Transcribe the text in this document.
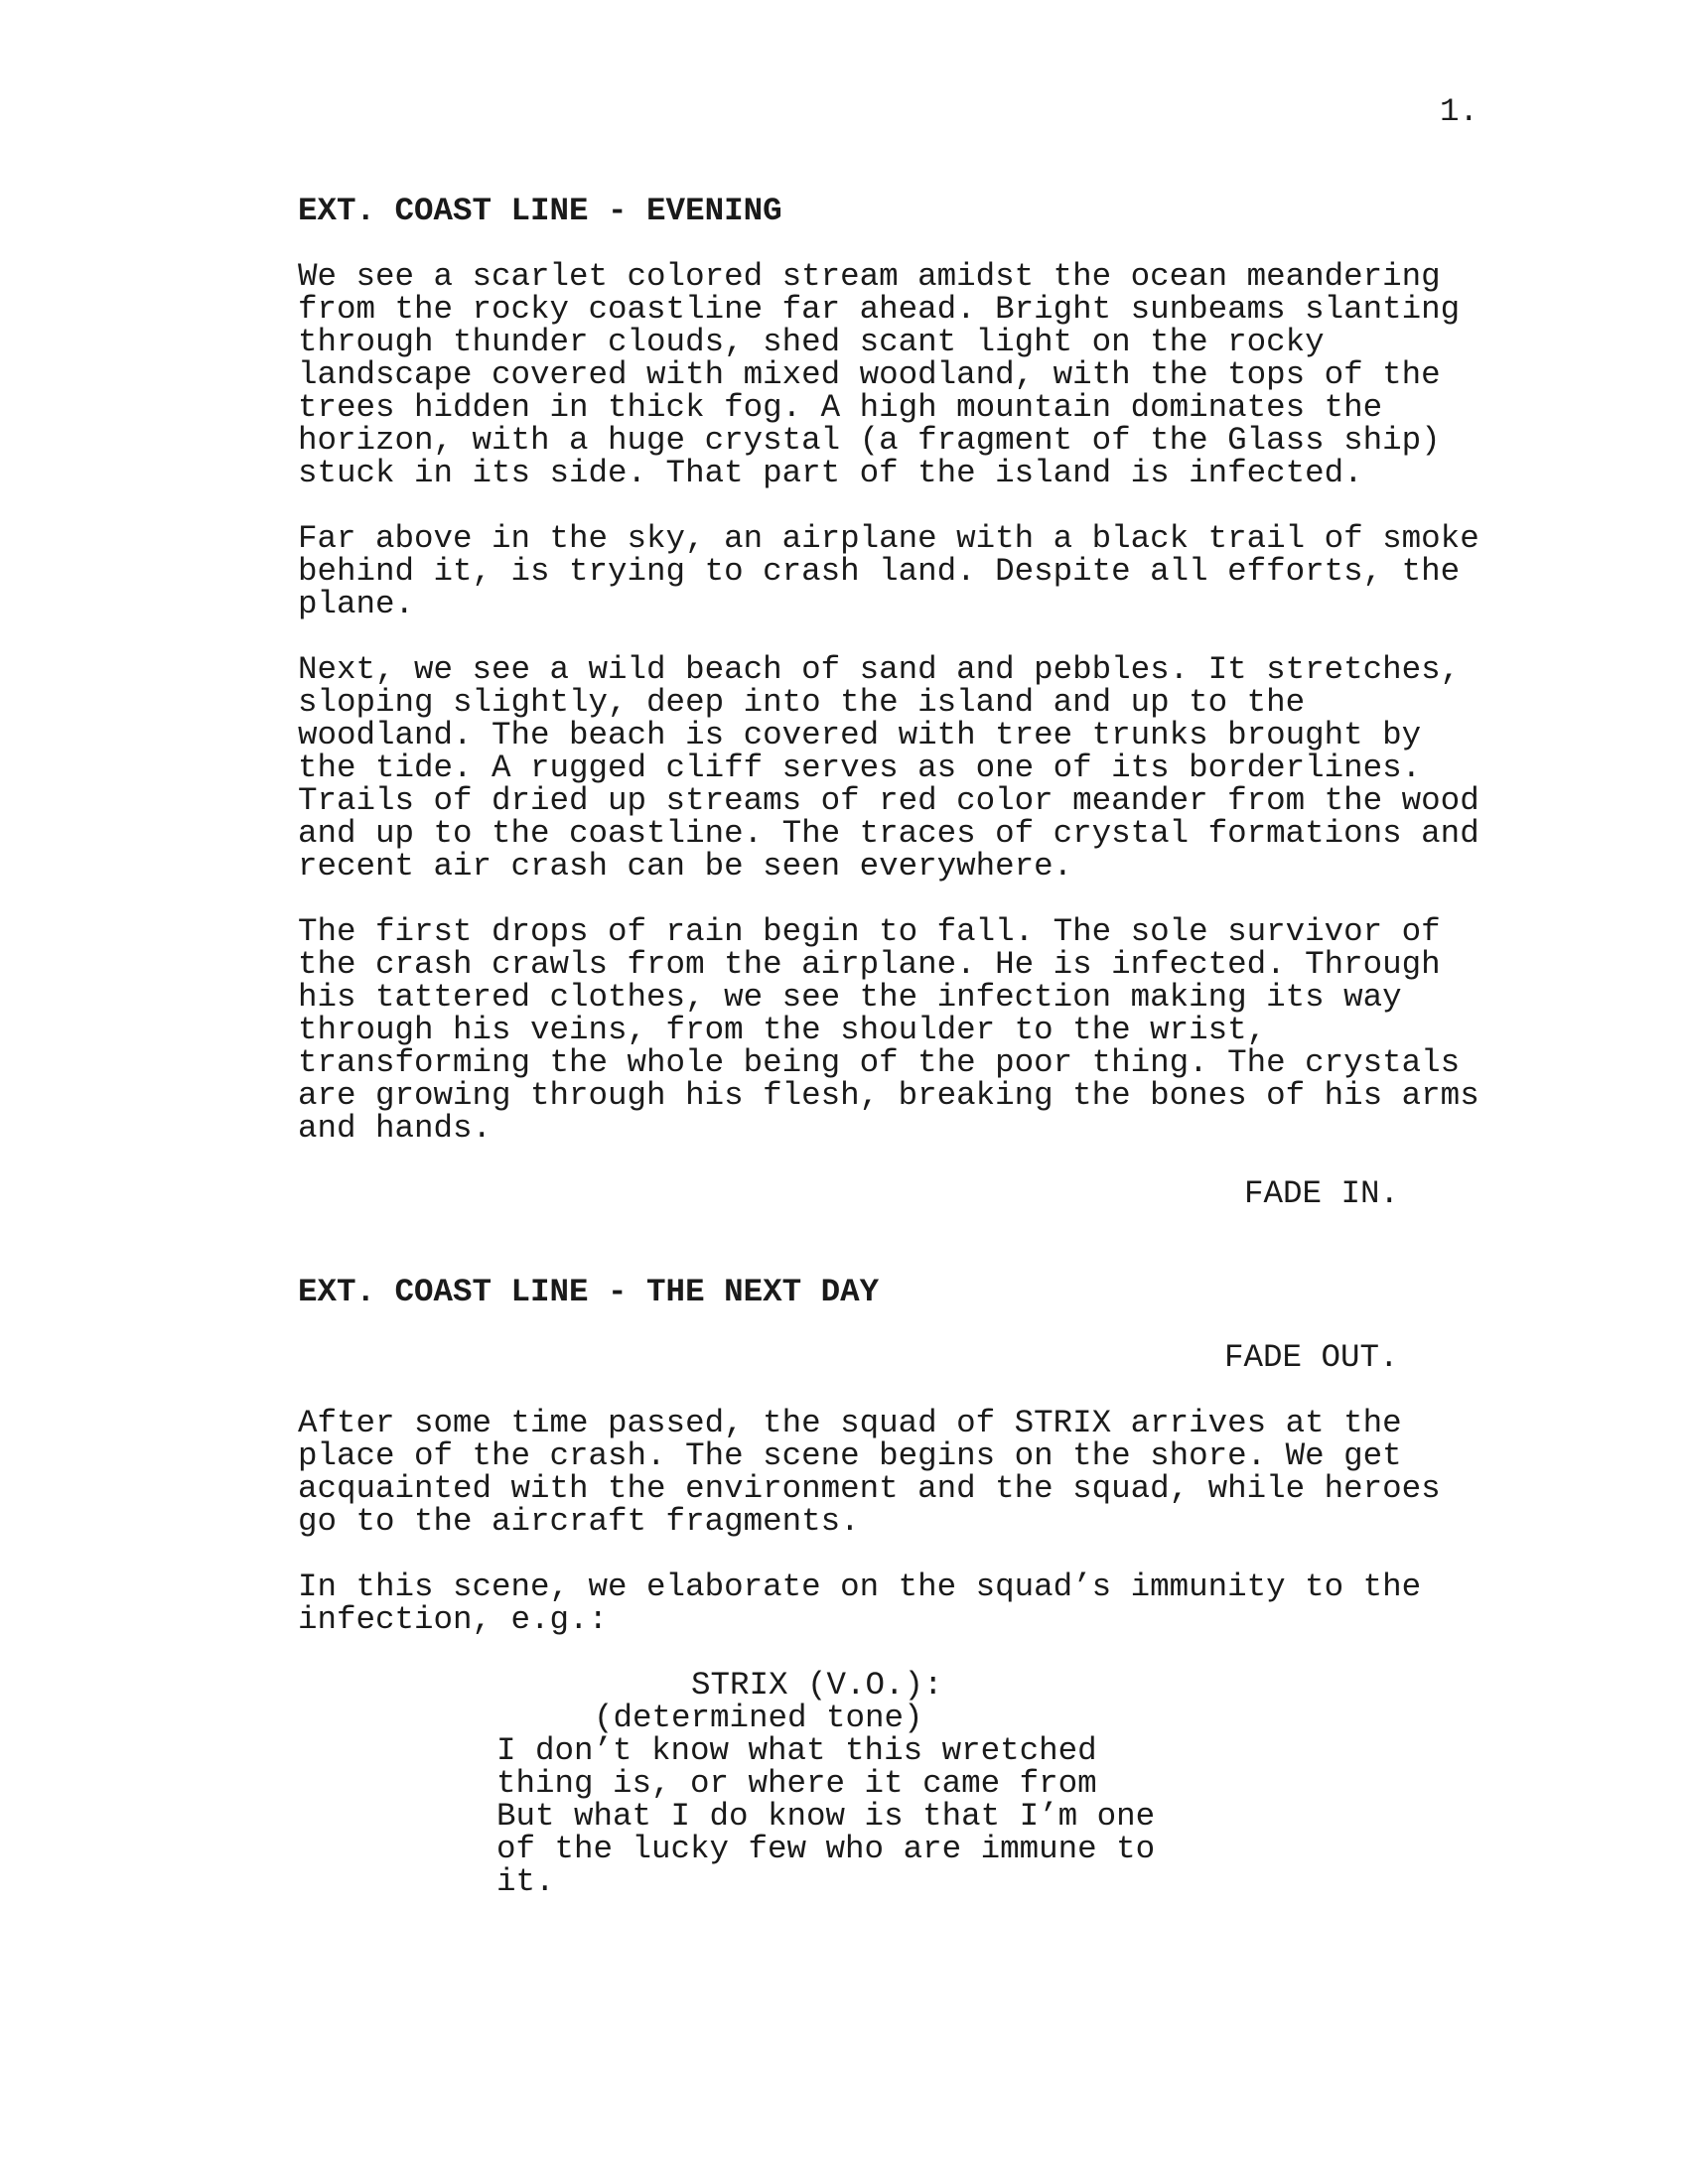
1.
EXT. COAST LINE - EVENING
We see a scarlet colored stream amidst the ocean meandering
from the rocky coastline far ahead. Bright sunbeams slanting
through thunder clouds, shed scant light on the rocky
landscape covered with mixed woodland, with the tops of the
trees hidden in thick fog. A high mountain dominates the
horizon, with a huge crystal (a fragment of the Glass ship)
stuck in its side. That part of the island is infected.
Far above in the sky, an airplane with a black trail of smoke
behind it, is trying to crash land. Despite all efforts, the
plane.
Next, we see a wild beach of sand and pebbles. It stretches,
sloping slightly, deep into the island and up to the
woodland. The beach is covered with tree trunks brought by
the tide. A rugged cliff serves as one of its borderlines.
Trails of dried up streams of red color meander from the wood
and up to the coastline. The traces of crystal formations and
recent air crash can be seen everywhere.
The first drops of rain begin to fall. The sole survivor of
the crash crawls from the airplane. He is infected. Through
his tattered clothes, we see the infection making its way
through his veins, from the shoulder to the wrist,
transforming the whole being of the poor thing. The crystals
are growing through his flesh, breaking the bones of his arms
and hands.
FADE IN.
EXT. COAST LINE - THE NEXT DAY
FADE OUT.
After some time passed, the squad of STRIX arrives at the
place of the crash. The scene begins on the shore. We get
acquainted with the environment and the squad, while heroes
go to the aircraft fragments.
In this scene, we elaborate on the squad’s immunity to the
infection, e.g.:
STRIX (V.O.):
(determined tone)
I don’t know what this wretched
thing is, or where it came from
But what I do know is that I’m one
of the lucky few who are immune to
it.
